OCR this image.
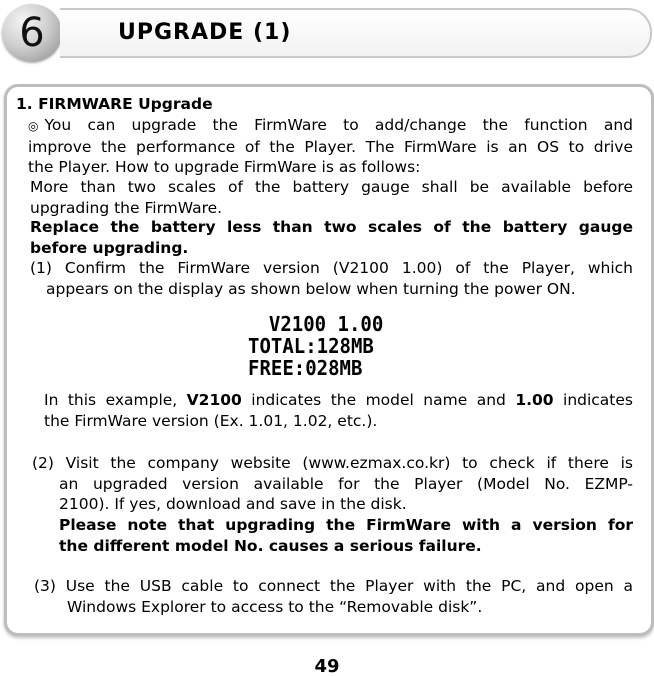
6	UPGRADE (1)
1. FIRMWARE Upgrade
◎ You can upgrade the FirmWare to add/change the function and
improve the performance of the Player. The FirmWare is an OS to drive
the Player. How to upgrade FirmWare is as follows:
More than two scales of the battery gauge shall be available before
upgrading the FirmWare.
Replace the battery less than two scales of the battery gauge
before upgrading.
(1) Confirm the FirmWare version (V2100 1.00) of the Player, which
appears on the display as shown below when turning the power ON.
V2100 1.00
TOTAL:128MB
FREE:028MB
In this example, V2100 indicates the model name and 1.00 indicates
the FirmWare version (Ex. 1.01, 1.02, etc.).
(2) Visit the company website (www.ezmax.co.kr) to check if there is
an upgraded version available for the Player (Model No. EZMP-
2100). If yes, download and save in the disk.
Please note that upgrading the FirmWare with a version for
the different model No. causes a serious failure.
(3) Use the USB cable to connect the Player with the PC, and open a
Windows Explorer to access to the “Removable disk”.
49
